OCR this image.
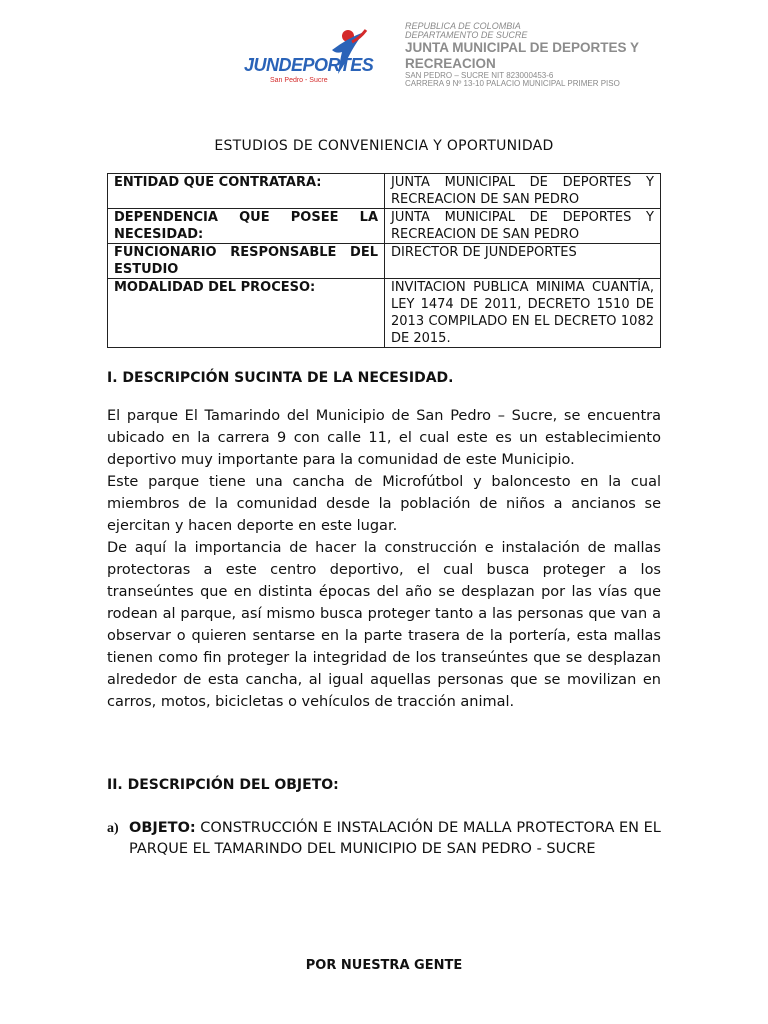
JUNDEPORTES
San Pedro - Sucre
REPUBLICA DE COLOMBIA
DEPARTAMENTO DE SUCRE
JUNTA MUNICIPAL DE DEPORTES Y
RECREACION
SAN PEDRO – SUCRE NIT 823000453-6
CARRERA 9 Nº 13-10 PALACIO MUNICIPAL PRIMER PISO
ESTUDIOS DE CONVENIENCIA Y OPORTUNIDAD
ENTIDAD QUE CONTRATARA:	JUNTA MUNICIPAL DE DEPORTES Y RECREACION DE SAN PEDRO
DEPENDENCIA QUE POSEE LA NECESIDAD:	JUNTA MUNICIPAL DE DEPORTES Y RECREACION DE SAN PEDRO
FUNCIONARIO RESPONSABLE DEL ESTUDIO	DIRECTOR DE JUNDEPORTES
MODALIDAD DEL PROCESO:	INVITACION PUBLICA MINIMA CUANTÍA, LEY 1474 DE 2011, DECRETO 1510 DE 2013 COMPILADO EN EL DECRETO 1082 DE 2015.
I. DESCRIPCIÓN SUCINTA DE LA NECESIDAD.

El parque El Tamarindo del Municipio de San Pedro – Sucre, se encuentra ubicado en la carrera 9 con calle 11, el cual este es un establecimiento deportivo muy importante para la comunidad de este Municipio.

Este parque tiene una cancha de Microfútbol y baloncesto en la cual miembros de la comunidad desde la población de niños a ancianos se ejercitan y hacen deporte en este lugar.

De aquí la importancia de hacer la construcción e instalación de mallas protectoras a este centro deportivo, el cual busca proteger a los transeúntes que en distinta épocas del año se desplazan por las vías que rodean al parque, así mismo busca proteger tanto a las personas que van a observar o quieren sentarse en la parte trasera de la portería, esta mallas tienen como fin proteger la integridad de los transeúntes que se desplazan alrededor de esta cancha, al igual aquellas personas que se movilizan en carros, motos, bicicletas o vehículos de tracción animal.

II. DESCRIPCIÓN DEL OBJETO:
a) OBJETO: CONSTRUCCIÓN E INSTALACIÓN DE MALLA PROTECTORA EN EL PARQUE EL TAMARINDO DEL MUNICIPIO DE SAN PEDRO - SUCRE
POR NUESTRA GENTE
